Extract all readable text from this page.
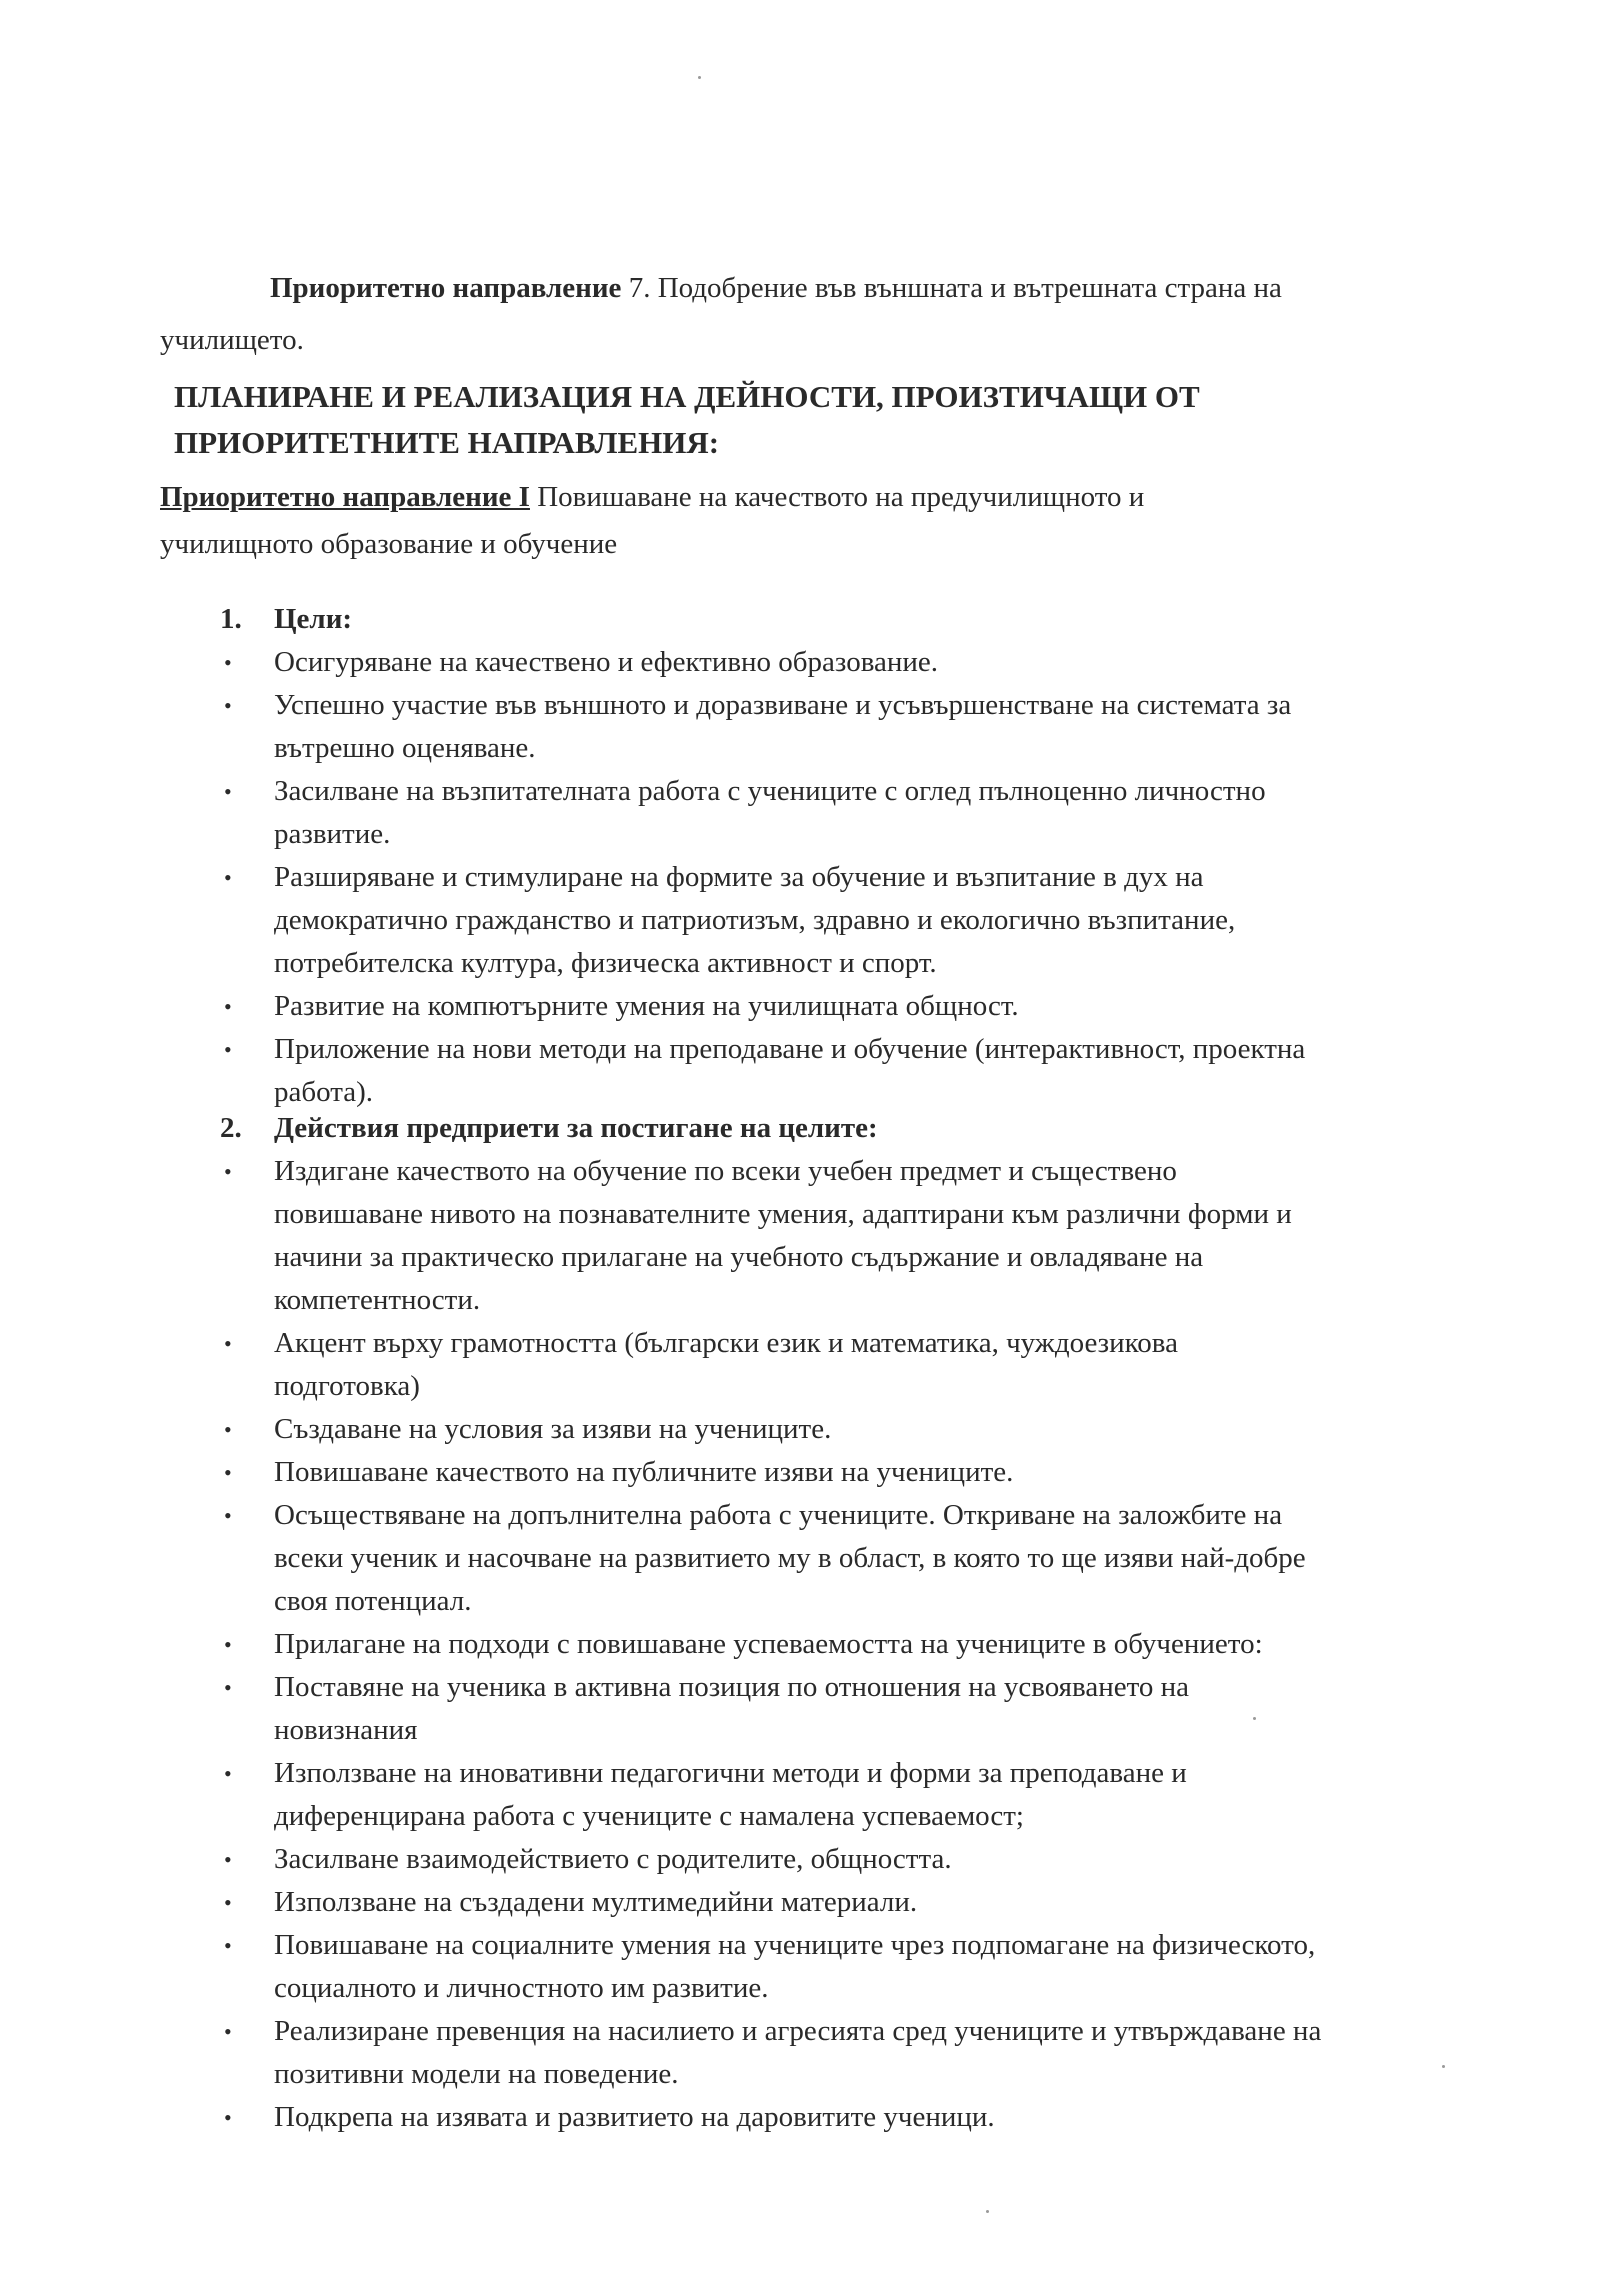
Приоритетно направление 7. Подобрение във външната и вътрешната страна на
училището.
ПЛАНИРАНЕ И РЕАЛИЗАЦИЯ НА ДЕЙНОСТИ, ПРОИЗТИЧАЩИ ОТ
ПРИОРИТЕТНИТЕ НАПРАВЛЕНИЯ:
Приоритетно направление I Повишаване на качеството на предучилищното и
училищното образование и обучение
1. Цели:
• Осигуряване на качествено и ефективно образование.
• Успешно участие във външното и доразвиване и усъвършенстване на системата за
вътрешно оценяване.
• Засилване на възпитателната работа с учениците с оглед пълноценно личностно
развитие.
• Разширяване и стимулиране на формите за обучение и възпитание в дух на
демократично гражданство и патриотизъм, здравно и екологично възпитание,
потребителска култура, физическа активност и спорт.
• Развитие на компютърните умения на училищната общност.
• Приложение на нови методи на преподаване и обучение (интерактивност, проектна
работа).
2. Действия предприети за постигане на целите:
• Издигане качеството на обучение по всеки учебен предмет и съществено
повишаване нивото на познавателните умения, адаптирани към различни форми и
начини за практическо прилагане на учебното съдържание и овладяване на
компетентности.
• Акцент върху грамотността (български език и математика, чуждоезикова
подготовка)
• Създаване на условия за изяви на учениците.
• Повишаване качеството на публичните изяви на учениците.
• Осъществяване на допълнителна работа с учениците. Откриване на заложбите на
всеки ученик и насочване на развитието му в област, в която то ще изяви най-добре
своя потенциал.
• Прилагане на подходи с повишаване успеваемостта на учениците в обучението:
• Поставяне на ученика в активна позиция по отношения на усвояването на
новизнания
• Използване на иновативни педагогични методи и форми за преподаване и
диференцирана работа с учениците с намалена успеваемост;
• Засилване взаимодействието с родителите, общността.
• Използване на създадени мултимедийни материали.
• Повишаване на социалните умения на учениците чрез подпомагане на физическото,
социалното и личностното им развитие.
• Реализиране превенция на насилието и агресията сред учениците и утвърждаване на
позитивни модели на поведение.
• Подкрепа на изявата и развитието на даровитите ученици.
